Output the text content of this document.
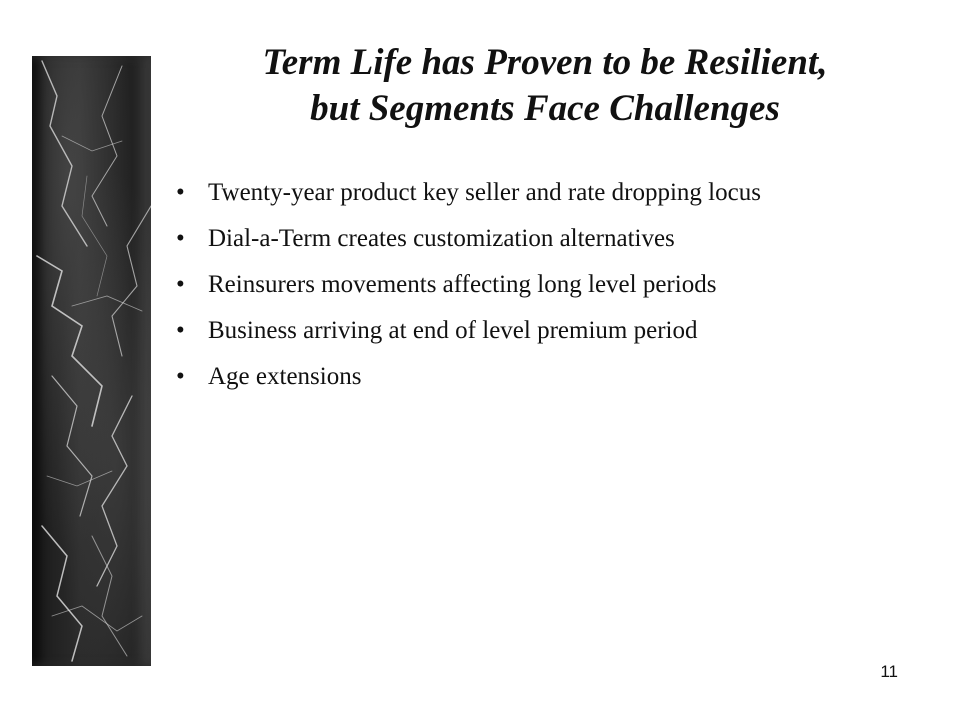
Term Life has Proven to be Resilient,
but Segments Face Challenges
• Twenty-year product key seller and rate dropping locus
• Dial-a-Term creates customization alternatives
• Reinsurers movements affecting long level periods
• Business arriving at end of level premium period
• Age extensions
11
